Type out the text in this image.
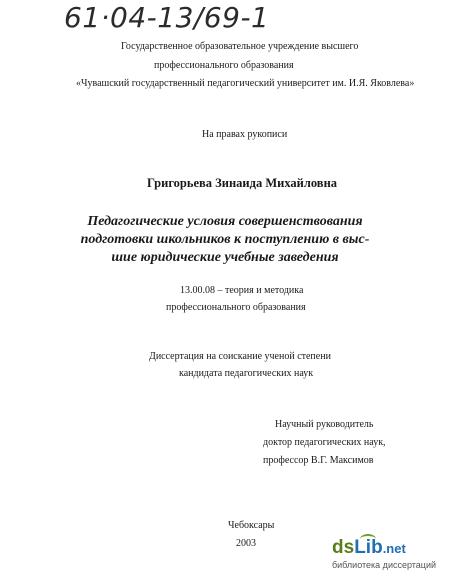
61·04-13/69-1
Государственное образовательное учреждение высшего
профессионального образования
«Чувашский государственный педагогический университет им. И.Я. Яковлева»
На правах рукописи
Григорьева Зинаида Михайловна
Педагогические условия совершенствования
подготовки школьников к поступлению в выс-
шие юридические учебные заведения
13.00.08 – теория и методика
профессионального образования
Диссертация на соискание ученой степени
кандидата педагогических наук
Научный руководитель
доктор педагогических наук,
профессор В.Г. Максимов
Чебоксары
2003	dsLib.net
библиотека диссертаций
